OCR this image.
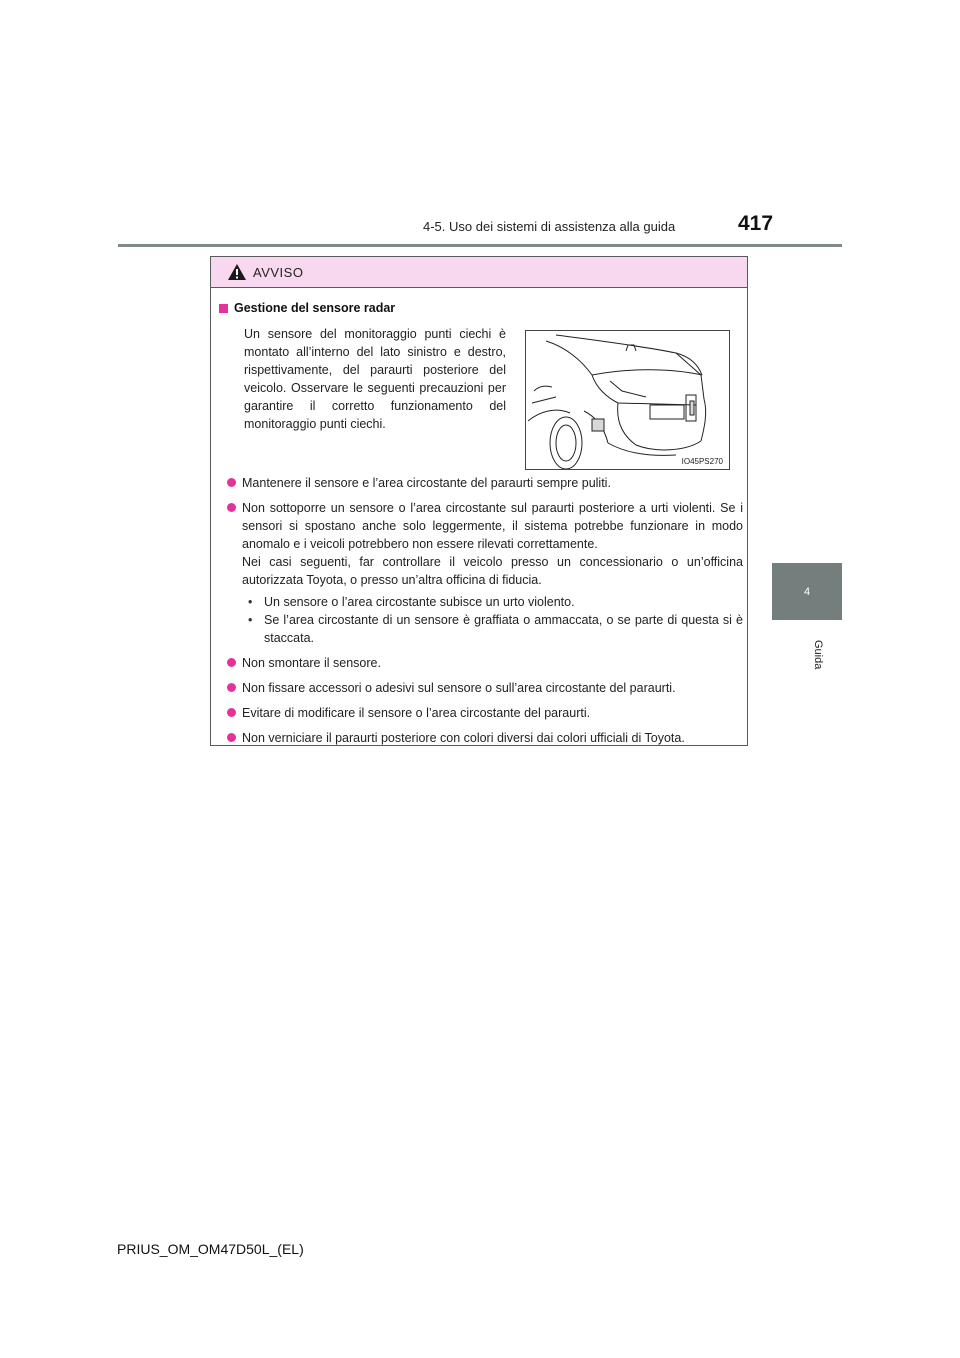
4-5. Uso dei sistemi di assistenza alla guida	417
4
Guida
AVVISO
Gestione del sensore radar
Un sensore del monitoraggio punti ciechi è montato all’interno del lato sinistro e destro, rispettivamente, del paraurti posteriore del veicolo. Osservare le seguenti precauzioni per garantire il corretto funzionamento del monitoraggio punti ciechi.
IO45PS270
Mantenere il sensore e l’area circostante del paraurti sempre puliti.
Non sottoporre un sensore o l’area circostante sul paraurti posteriore a urti violenti. Se i sensori si spostano anche solo leggermente, il sistema potrebbe funzionare in modo anomalo e i veicoli potrebbero non essere rilevati correttamente.
Nei casi seguenti, far controllare il veicolo presso un concessionario o un’officina autorizzata Toyota, o presso un’altra officina di fiducia.
• Un sensore o l’area circostante subisce un urto violento.
• Se l’area circostante di un sensore è graffiata o ammaccata, o se parte di questa si è staccata.
Non smontare il sensore.
Non fissare accessori o adesivi sul sensore o sull’area circostante del paraurti.
Evitare di modificare il sensore o l’area circostante del paraurti.
Non verniciare il paraurti posteriore con colori diversi dai colori ufficiali di Toyota.
PRIUS_OM_OM47D50L_(EL)
